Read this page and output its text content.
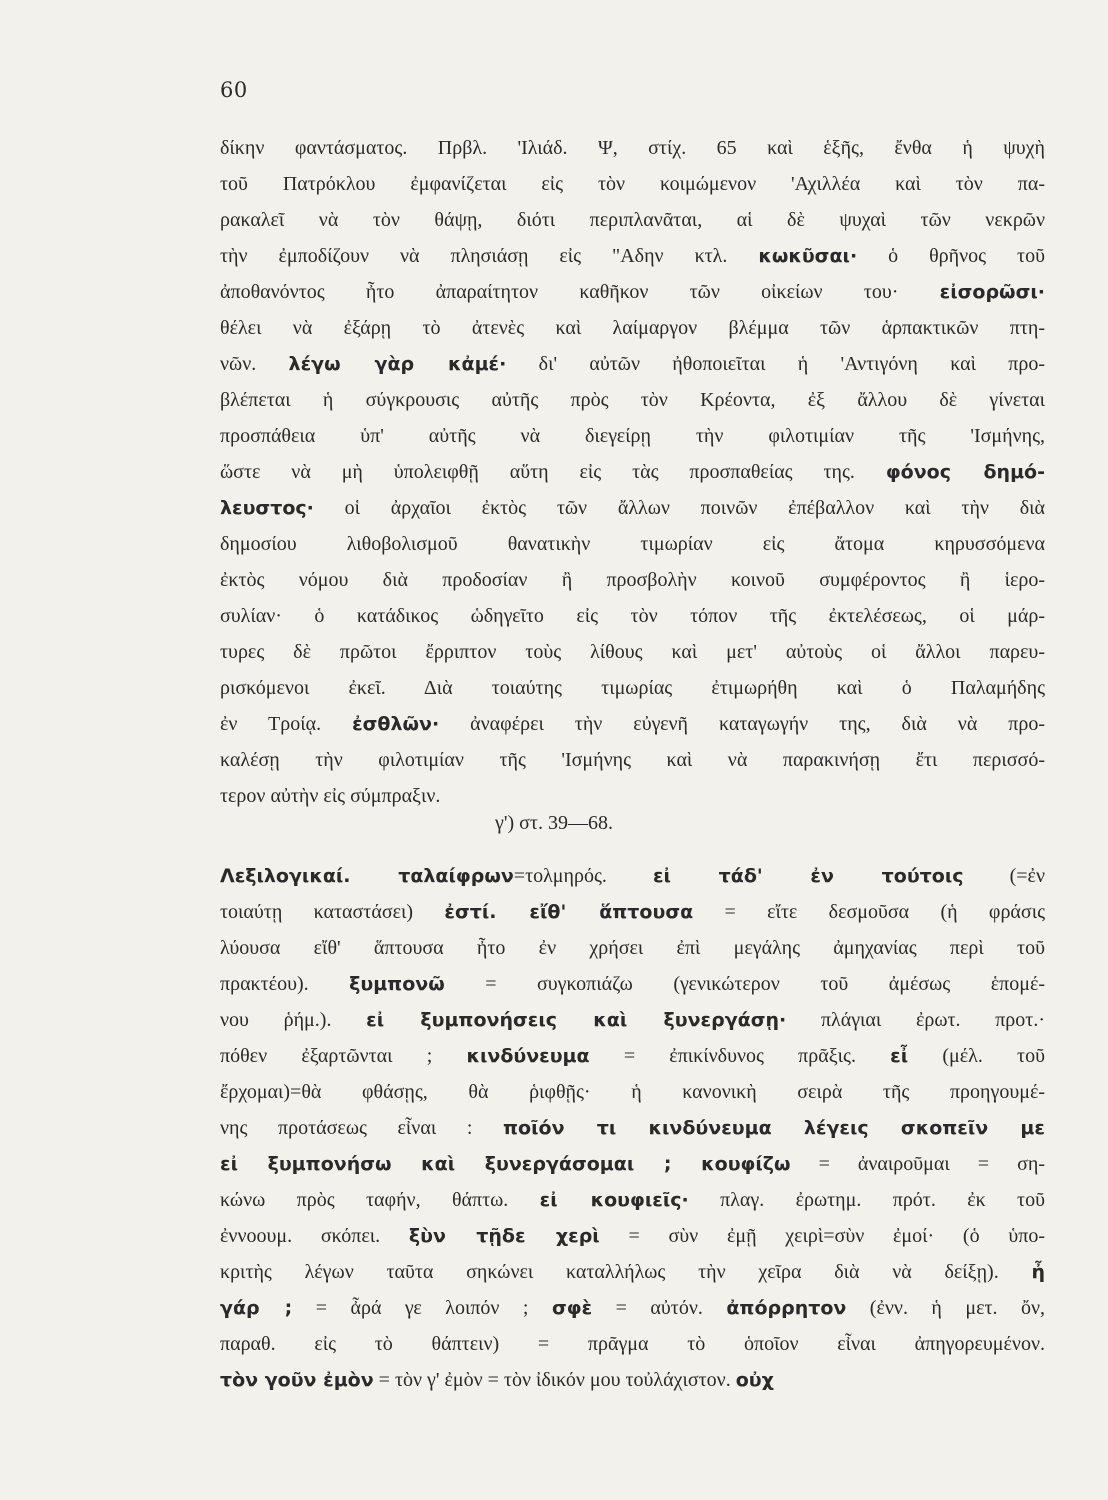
60
δίκην φαντάσματος. Πρβλ. 'Ιλιάδ. Ψ, στίχ. 65 καὶ ἑξῆς, ἔνθα ἡ ψυχὴ
τοῦ Πατρόκλου ἐμφανίζεται εἰς τὸν κοιμώμενον 'Αχιλλέα καὶ τὸν πα-
ρακαλεῖ νὰ τὸν θάψῃ, διότι περιπλανᾶται, αἱ δὲ ψυχαὶ τῶν νεκρῶν
τὴν ἐμποδίζουν νὰ πλησιάσῃ εἰς "Αδην κτλ. κωκῦσαι· ὁ θρῆνος τοῦ
ἀποθανόντος ἦτο ἀπαραίτητον καθῆκον τῶν οἰκείων του· εἰσορῶσι·
θέλει νὰ ἐξάρῃ τὸ ἀτενὲς καὶ λαίμαργον βλέμμα τῶν ἁρπακτικῶν πτη-
νῶν. λέγω γὰρ κἀμέ· δι' αὐτῶν ἠθοποιεῖται ἡ 'Αντιγόνη καὶ προ-
βλέπεται ἡ σύγκρουσις αὐτῆς πρὸς τὸν Κρέοντα, ἐξ ἄλλου δὲ γίνεται
προσπάθεια ὑπ' αὐτῆς νὰ διεγείρῃ τὴν φιλοτιμίαν τῆς 'Ισμήνης,
ὥστε νὰ μὴ ὑπολειφθῇ αὕτη εἰς τὰς προσπαθείας της. φόνος δημό-
λευστος· οἱ ἀρχαῖοι ἐκτὸς τῶν ἄλλων ποινῶν ἐπέβαλλον καὶ τὴν διὰ
δημοσίου λιθοβολισμοῦ θανατικὴν τιμωρίαν εἰς ἄτομα κηρυσσόμενα
ἐκτὸς νόμου διὰ προδοσίαν ἢ προσβολὴν κοινοῦ συμφέροντος ἢ ἱερο-
συλίαν· ὁ κατάδικος ὡδηγεῖτο εἰς τὸν τόπον τῆς ἐκτελέσεως, οἱ μάρ-
τυρες δὲ πρῶτοι ἔρριπτον τοὺς λίθους καὶ μετ' αὐτοὺς οἱ ἄλλοι παρευ-
ρισκόμενοι ἐκεῖ. Διὰ τοιαύτης τιμωρίας ἐτιμωρήθη καὶ ὁ Παλαμήδης
ἐν Τροίᾳ. ἐσθλῶν· ἀναφέρει τὴν εὐγενῆ καταγωγήν της, διὰ νὰ προ-
καλέσῃ τὴν φιλοτιμίαν τῆς 'Ισμήνης καὶ νὰ παρακινήσῃ ἔτι περισσό-
τερον αὐτὴν εἰς σύμπραξιν.
γ') στ. 39—68.
Λεξιλογικαί. ταλαίφρων=τολμηρός. εἰ τάδ' ἐν τούτοις (=ἐν
τοιαύτῃ καταστάσει) ἐστί. εἴθ' ἅπτουσα = εἴτε δεσμοῦσα (ἡ φράσις
λύουσα εἴθ' ἅπτουσα ἦτο ἐν χρήσει ἐπὶ μεγάλης ἀμηχανίας περὶ τοῦ
πρακτέου). ξυμπονῶ = συγκοπιάζω (γενικώτερον τοῦ ἀμέσως ἑπομέ-
νου ῥήμ.). εἰ ξυμπονήσεις καὶ ξυνεργάσῃ· πλάγιαι ἐρωτ. προτ.·
πόθεν ἐξαρτῶνται ; κινδύνευμα = ἐπικίνδυνος πρᾶξις. εἶ (μέλ. τοῦ
ἔρχομαι)=θὰ φθάσῃς, θὰ ῥιφθῇς· ἡ κανονικὴ σειρὰ τῆς προηγουμέ-
νης προτάσεως εἶναι : ποῖόν τι κινδύνευμα λέγεις σκοπεῖν με
εἰ ξυμπονήσω καὶ ξυνεργάσομαι ; κουφίζω = ἀναιροῦμαι = ση-
κώνω πρὸς ταφήν, θάπτω. εἰ κουφιεῖς· πλαγ. ἐρωτημ. πρότ. ἐκ τοῦ
ἐννοουμ. σκόπει. ξὺν τῇδε χερὶ = σὺν ἐμῇ χειρὶ=σὺν ἐμοί· (ὁ ὑπο-
κριτὴς λέγων ταῦτα σηκώνει καταλλήλως τὴν χεῖρα διὰ νὰ δείξῃ). ἦ
γάρ ; = ἆρά γε λοιπόν ; σφὲ = αὐτόν. ἀπόρρητον (ἐνν. ἡ μετ. ὄν,
παραθ. εἰς τὸ θάπτειν) = πρᾶγμα τὸ ὁποῖον εἶναι ἀπηγορευμένον.
τὸν γοῦν ἐμὸν = τὸν γ' ἐμὸν = τὸν ἰδικόν μου τοὐλάχιστον. οὐχ
